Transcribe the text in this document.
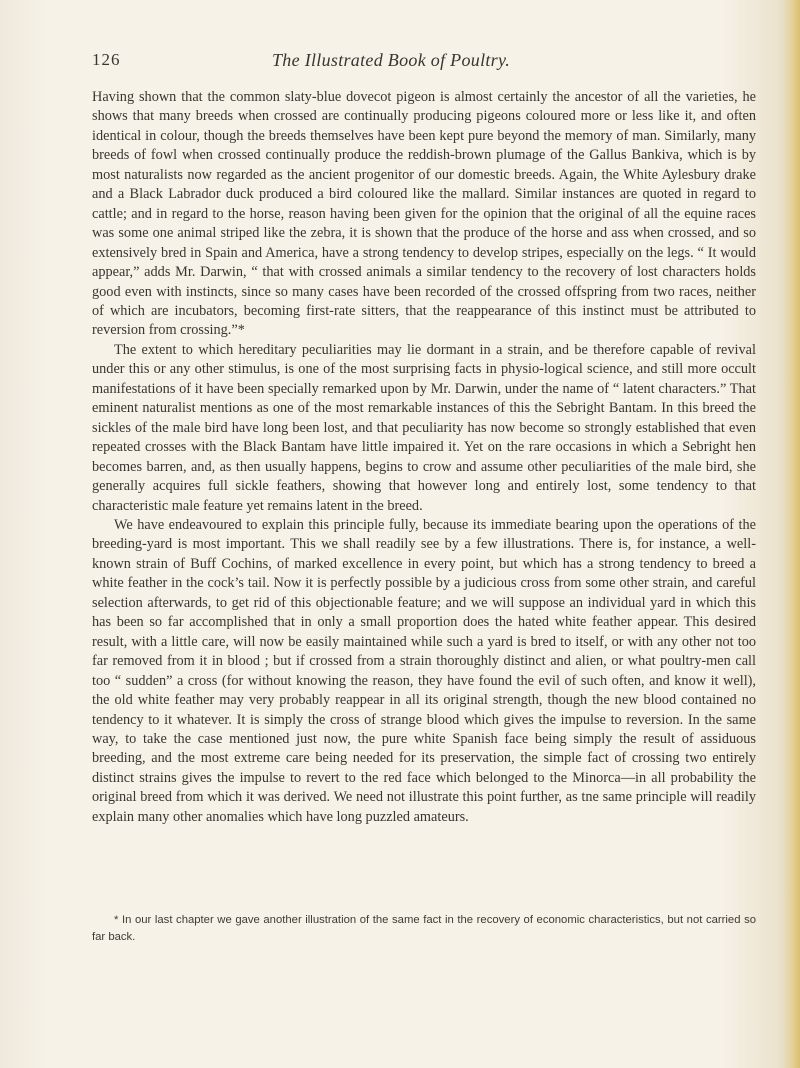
126	The Illustrated Book of Poultry.

Having shown that the common slaty-blue dovecot pigeon is almost certainly the ancestor of all the varieties, he shows that many breeds when crossed are continually producing pigeons coloured more or less like it, and often identical in colour, though the breeds themselves have been kept pure beyond the memory of man. Similarly, many breeds of fowl when crossed continually produce the reddish-brown plumage of the Gallus Bankiva, which is by most naturalists now regarded as the ancient progenitor of our domestic breeds. Again, the White Aylesbury drake and a Black Labrador duck produced a bird coloured like the mallard. Similar instances are quoted in regard to cattle; and in regard to the horse, reason having been given for the opinion that the original of all the equine races was some one animal striped like the zebra, it is shown that the produce of the horse and ass when crossed, and so extensively bred in Spain and America, have a strong tendency to develop stripes, especially on the legs. “ It would appear,” adds Mr. Darwin, “ that with crossed animals a similar tendency to the recovery of lost characters holds good even with instincts, since so many cases have been recorded of the crossed offspring from two races, neither of which are incubators, becoming first-rate sitters, that the reappearance of this instinct must be attributed to reversion from crossing.”*

The extent to which hereditary peculiarities may lie dormant in a strain, and be therefore capable of revival under this or any other stimulus, is one of the most surprising facts in physio-logical science, and still more occult manifestations of it have been specially remarked upon by Mr. Darwin, under the name of “ latent characters.” That eminent naturalist mentions as one of the most remarkable instances of this the Sebright Bantam. In this breed the sickles of the male bird have long been lost, and that peculiarity has now become so strongly established that even repeated crosses with the Black Bantam have little impaired it. Yet on the rare occasions in which a Sebright hen becomes barren, and, as then usually happens, begins to crow and assume other peculiarities of the male bird, she generally acquires full sickle feathers, showing that however long and entirely lost, some tendency to that characteristic male feature yet remains latent in the breed.

We have endeavoured to explain this principle fully, because its immediate bearing upon the operations of the breeding-yard is most important. This we shall readily see by a few illustrations. There is, for instance, a well-known strain of Buff Cochins, of marked excellence in every point, but which has a strong tendency to breed a white feather in the cock’s tail. Now it is perfectly possible by a judicious cross from some other strain, and careful selection afterwards, to get rid of this objectionable feature; and we will suppose an individual yard in which this has been so far accomplished that in only a small proportion does the hated white feather appear. This desired result, with a little care, will now be easily maintained while such a yard is bred to itself, or with any other not too far removed from it in blood ; but if crossed from a strain thoroughly distinct and alien, or what poultry-men call too “ sudden” a cross (for without knowing the reason, they have found the evil of such often, and know it well), the old white feather may very probably reappear in all its original strength, though the new blood contained no tendency to it whatever. It is simply the cross of strange blood which gives the impulse to reversion. In the same way, to take the case mentioned just now, the pure white Spanish face being simply the result of assiduous breeding, and the most extreme care being needed for its preservation, the simple fact of crossing two entirely distinct strains gives the impulse to revert to the red face which belonged to the Minorca—in all probability the original breed from which it was derived. We need not illustrate this point further, as tne same principle will readily explain many other anomalies which have long puzzled amateurs.

* In our last chapter we gave another illustration of the same fact in the recovery of economic characteristics, but not carried so far back.
